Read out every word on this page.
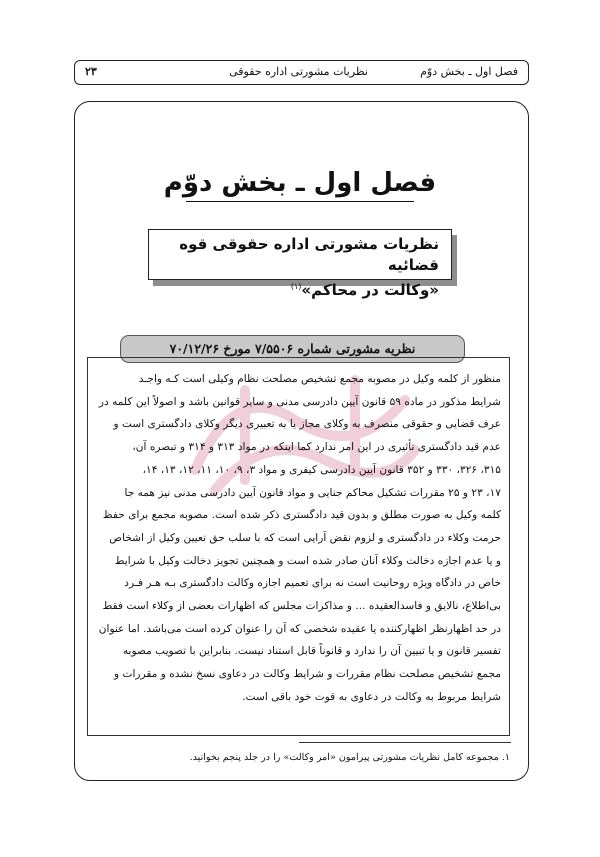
فصل اول ـ بخش دوّم
نظریات مشورتی اداره حقوقی
۲۳
فصل اول ـ بخش دوّم
نظریات مشورتی اداره حقوقی قوه قضائیه
«وکالت در محاکم»$^{(۱)}$
نظریه مشورتی شماره ۷/۵۵۰۶ مورخ ۷۰/۱۲/۲۶
منظور از کلمه وکیل در مصوبه مجمع تشخیص مصلحت نظام وکیلی است کـه واجـد
شرایط مذکور در ماده ۵۹ قانون آیین دادرسی مدنی و سایر قوانین باشد و اصولاً این کلمه در
عرف قضایی و حقوقی منصرف به وکلای مجاز یا به تعبیری دیگر وکلای دادگستری است و
عدم قید دادگستری تأثیری در این امر ندارد کما اینکه در مواد ۳۱۳ و ۳۱۴ و تبصره آن،
۳۱۵، ۳۲۶، ۳۳۰ و ۳۵۲ قانون آیین دادرسی کیفری و مواد ۳، ۹، ۱۰، ۱۱، ۱۲، ۱۳، ۱۴،
۱۷، ۲۳ و ۲۵ مقررات تشکیل محاکم جنایی و مواد قانون آیین دادرسی مدنی نیز همه جا
کلمه وکیل به صورت مطلق و بدون قید دادگستری ذکر شده است. مصوبه مجمع برای حفظ
حرمت وکلاء در دادگستری و لزوم نقض آرایی است که با سلب حق تعیین وکیل از اشخاص
و یا عدم اجازه دخالت وکلاء آنان صادر شده است و همچنین تجویز دخالت وکیل با شرایط
خاص در دادگاه ویژه روحانیت است نه برای تعمیم اجازه وکالت دادگستری بـه هـر فـرد
بی‌اطلاع، نالایق و فاسدالعقیده ... و مذاکرات مجلس که اظهارات بعضی از وکلاء است فقط
در حد اظهارنظر اظهارکننده یا عقیده شخصی که آن را عنوان کرده است می‌باشد. اما عنوان
تفسیر قانون و یا تبیین آن را ندارد و قانوناً قابل استناد نیست. بنابراین با تصویب مصوبه
مجمع تشخیص مصلحت نظام مقررات و شرایط وکالت در دعاوی نسخ نشده و مقررات و
شرایط مربوط به وکالت در دعاوی به قوت خود باقی است.
۱. مجموعه کامل نظریات مشورتی پیرامون «امر وکالت» را در جلد پنجم بخوانید.
